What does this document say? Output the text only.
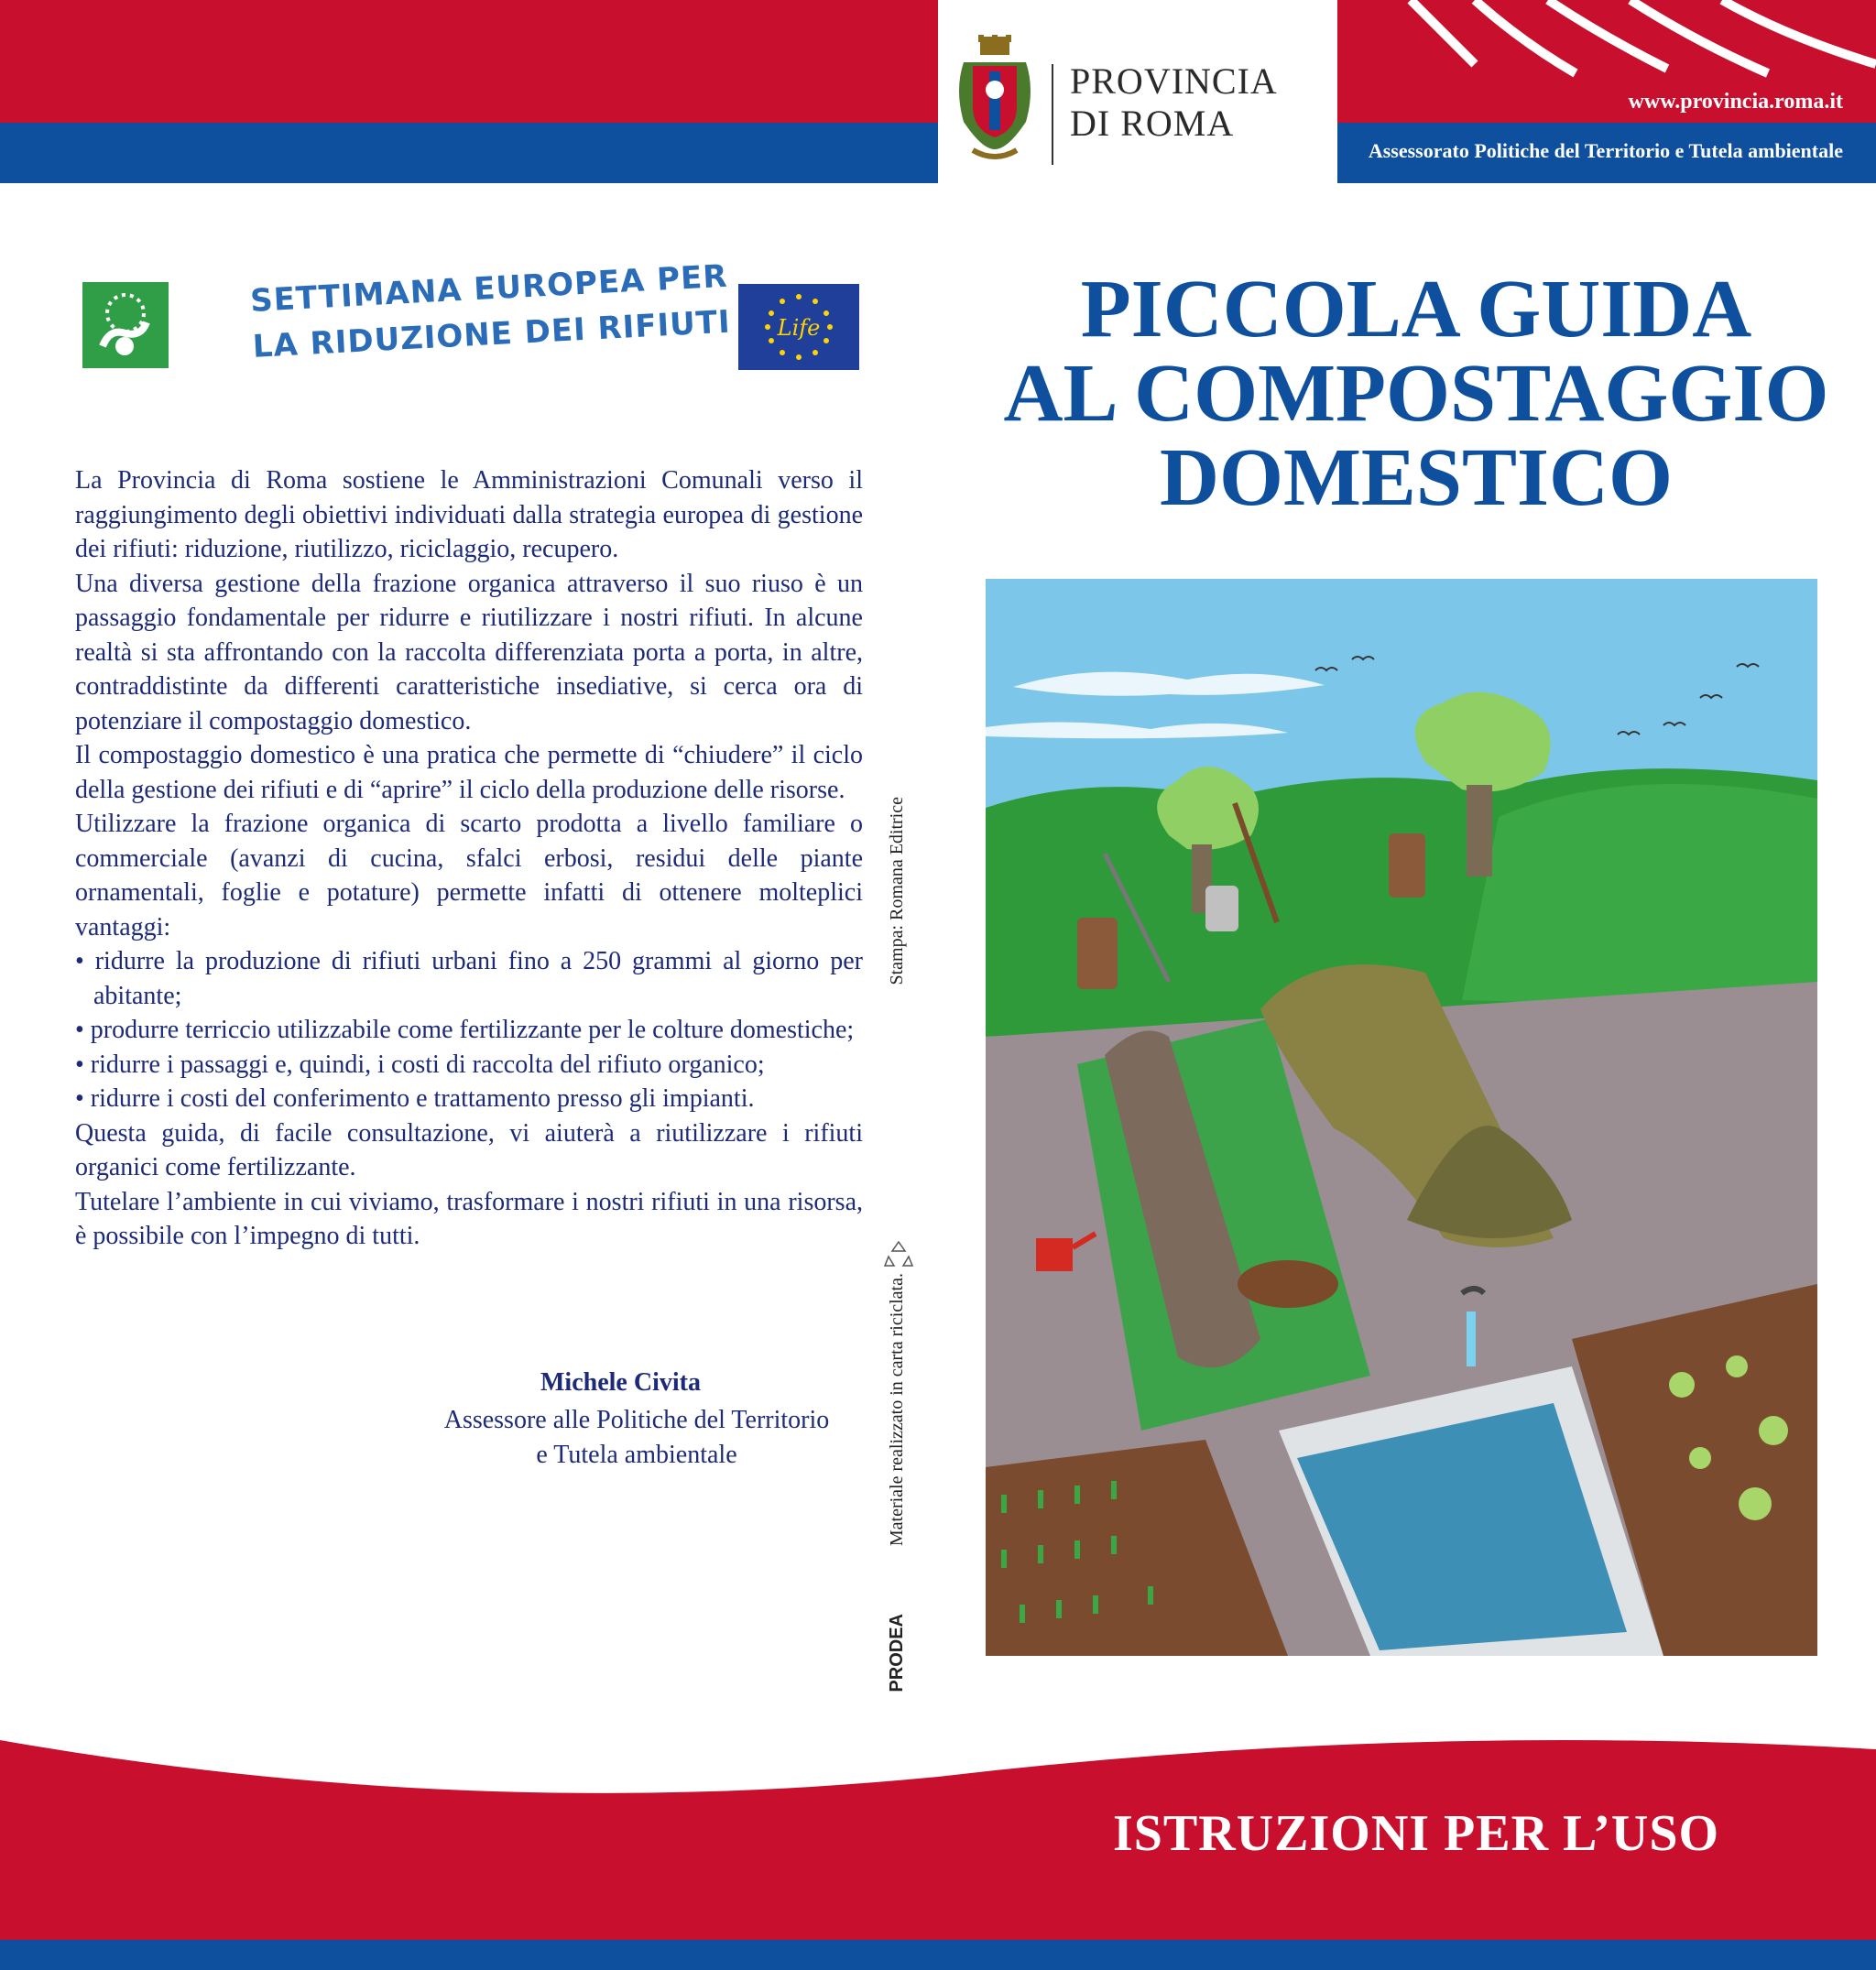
PROVINCIA
DI ROMA
www.provincia.roma.it
Assessorato Politiche del Territorio e Tutela ambientale
SETTIMANA EUROPEA PER
LA RIDUZIONE DEI RIFIUTI Life

La Provincia di Roma sostiene le Amministrazioni Comunali verso il raggiungimento degli obiettivi individuati dalla strategia europea di gestione dei rifiuti: riduzione, riutilizzo, riciclaggio, recupero.

Una diversa gestione della frazione organica attraverso il suo riuso è un passaggio fondamentale per ridurre e riutilizzare i nostri rifiuti. In alcune realtà si sta affrontando con la raccolta differenziata porta a porta, in altre, contraddistinte da differenti caratteristiche insediative, si cerca ora di potenziare il compostaggio domestico.

Il compostaggio domestico è una pratica che permette di “chiudere” il ciclo della gestione dei rifiuti e di “aprire” il ciclo della produzione delle risorse.

Utilizzare la frazione organica di scarto prodotta a livello familiare o commerciale (avanzi di cucina, sfalci erbosi, residui delle piante ornamentali, foglie e potature) permette infatti di ottenere molteplici vantaggi:

• ridurre la produzione di rifiuti urbani fino a 250 grammi al giorno per abitante;

• produrre terriccio utilizzabile come fertilizzante per le colture domestiche;

• ridurre i passaggi e, quindi, i costi di raccolta del rifiuto organico;

• ridurre i costi del conferimento e trattamento presso gli impianti.

Questa guida, di facile consultazione, vi aiuterà a riutilizzare i rifiuti organici come fertilizzante.

Tutelare l’ambiente in cui viviamo, trasformare i nostri rifiuti in una risorsa, è possibile con l’impegno di tutti.

Michele Civita
Assessore alle Politiche del Territorio
e Tutela ambientale
Stampa: Romana Editrice
Materiale realizzato in carta riciclata.
PRODEA
PICCOLA GUIDA
AL COMPOSTAGGIO
DOMESTICO
ISTRUZIONI PER L’USO
